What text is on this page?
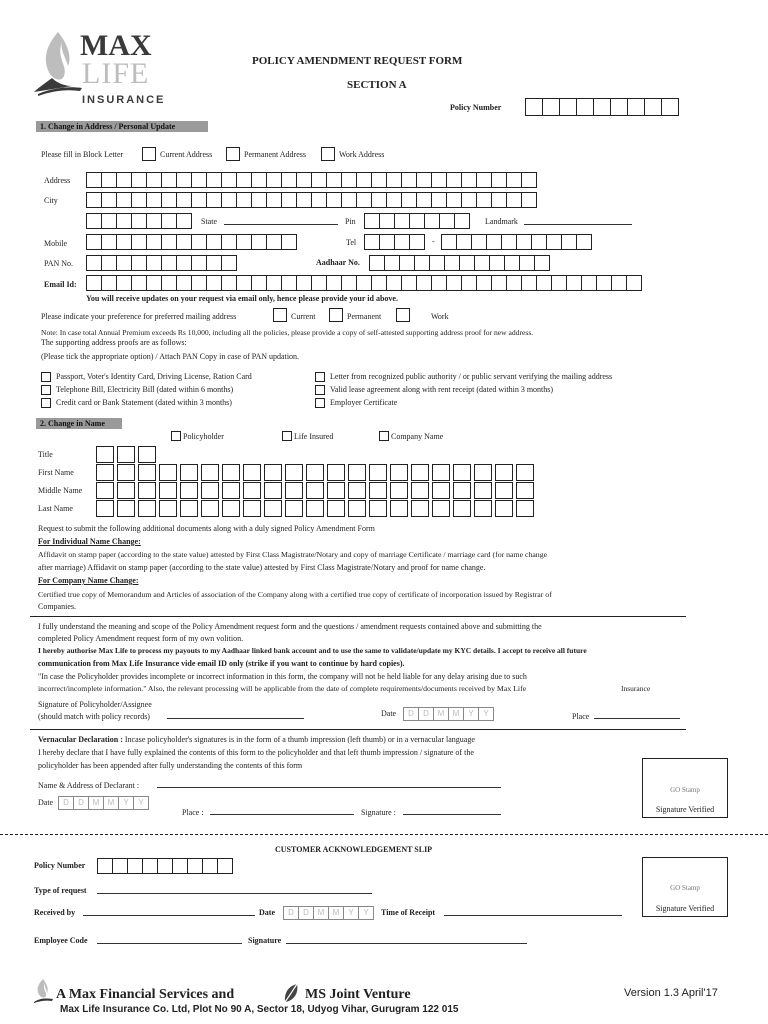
MAX
LIFE
INSURANCE
POLICY AMENDMENT REQUEST FORM
SECTION A
Policy Number
1. Change in Address / Personal Update
Please fill in Block Letter	Current Address	Permanent Address	Work Address
Address
City
State	Pin	Landmark
Mobile	Tel	-
PAN No.	Aadhaar No.
Email Id:
You will receive updates on your request via email only, hence please provide your id above.
Please indicate your preference for preferred mailing address	Current	Permanent	Work
Note: In case total Annual Premium exceeds Rs 10,000, including all the policies, please provide a copy of self-attested supporting address proof for new address.
The supporting address proofs are as follows:
(Please tick the appropriate option) / Attach PAN Copy in case of PAN updation.
Passport, Voter's Identity Card, Driving License, Ration Card
Telephone Bill, Electricity Bill (dated within 6 months)
Credit card or Bank Statement (dated within 3 months)
Letter from recognized public authority / or public servant verifying the mailing address
Valid lease agreement along with rent receipt (dated within 3 months)
Employer Certificate
2. Change in Name
Policyholder	Life Insured	Company Name
Title
First Name
Middle Name
Last Name
Request to submit the following additional documents along with a duly signed Policy Amendment Form
For Individual Name Change:
Affidavit on stamp paper (according to the state value) attested by First Class Magistrate/Notary and copy of marriage Certificate / marriage card (for name change
after marriage) Affidavit on stamp paper (according to the state value) attested by First Class Magistrate/Notary and proof for name change.
For Company Name Change:
Certified true copy of Memorandum and Articles of association of the Company along with a certified true copy of certificate of incorporation issued by Registrar of
Companies.
I fully understand the meaning and scope of the Policy Amendment request form and the questions / amendment requests contained above and submitting the
completed Policy Amendment request form of my own volition.
I hereby authorise Max Life to process my payouts to my Aadhaar linked bank account and to use the same to validate/update my KYC details. I accept to receive all future
communication from Max Life Insurance vide email ID only (strike if you want to continue by hard copies).
"In case the Policyholder provides incomplete or incorrect information in this form, the company will not be held liable for any delay arising due to such
incorrect/incomplete information." Also, the relevant processing will be applicable from the date of complete requirements/documents received by Max Life	Insurance
Signature of Policyholder/Assignee
(should match with policy records)	Date	D	D	M	M	Y	Y	Place
Vernacular Declaration : Incase policyholder's signatures is in the form of a thumb impression (left thumb) or in a vernacular language
I hereby declare that I have fully explained the contents of this form to the policyholder and that left thumb impression / signature of the
policyholder has been appended after fully understanding the contents of this form
Name & Address of Declarant :
Date	D	D	M	M	Y	Y
Place :	Signature :
GO Stamp
Signature Verified
CUSTOMER ACKNOWLEDGEMENT SLIP
Policy Number
Type of request
Received by	Date	D	D	M	M	Y	Y	Time of Receipt
Employee Code	Signature
GO Stamp
Signature Verified
A Max Financial Services and	MS Joint Venture
Max Life Insurance Co. Ltd, Plot No 90 A, Sector 18, Udyog Vihar, Gurugram 122 015
Version 1.3 April'17
